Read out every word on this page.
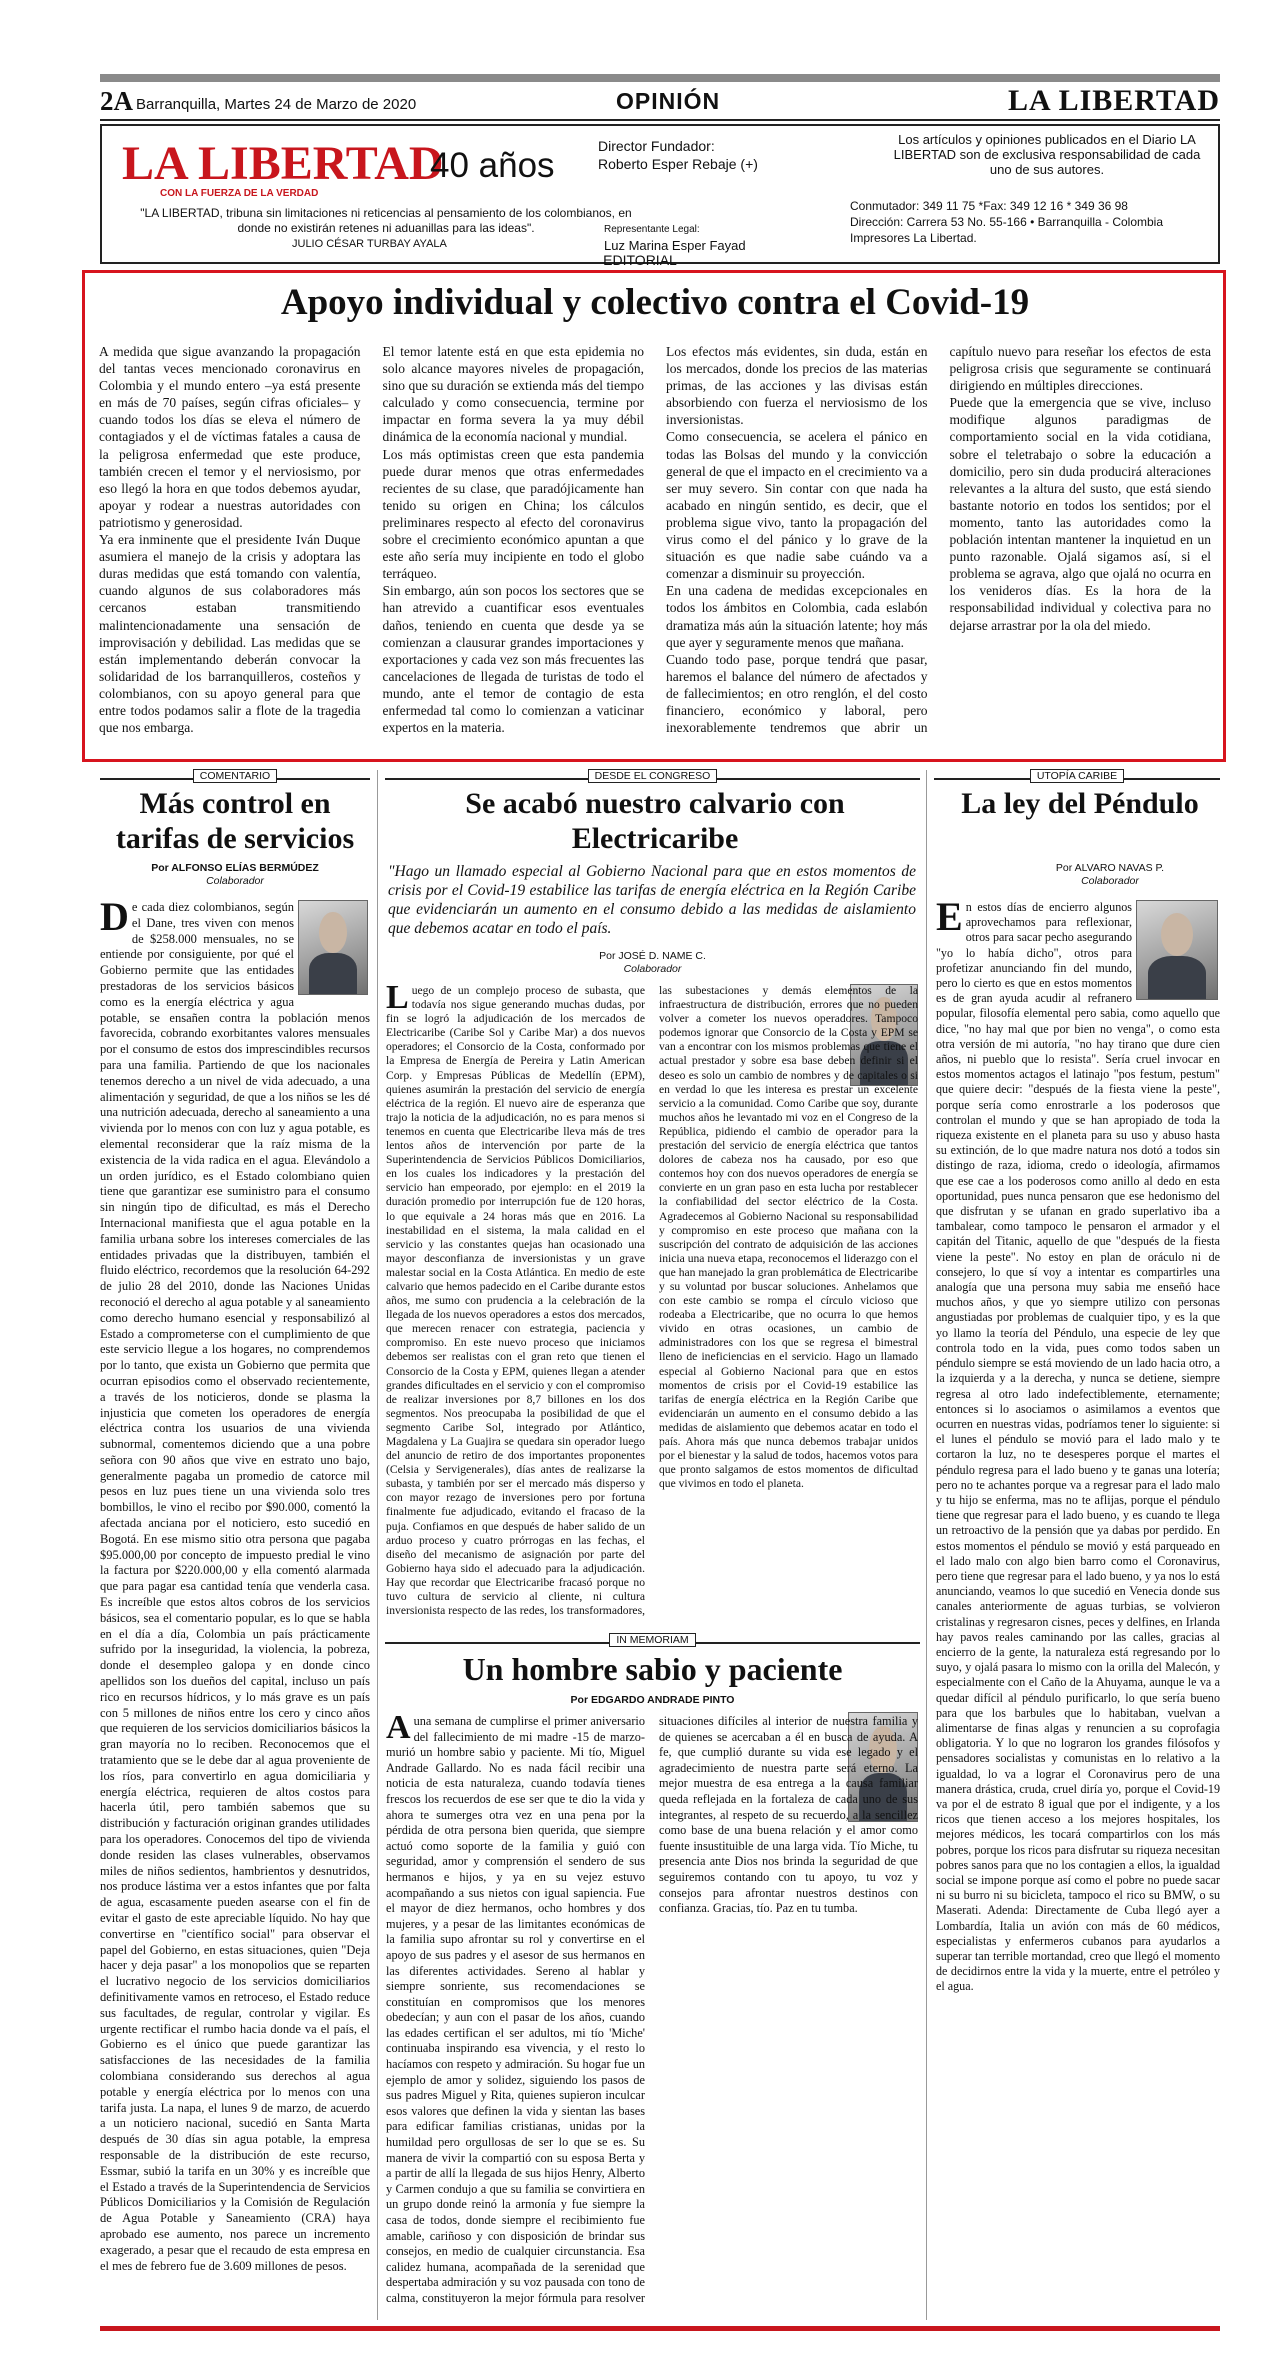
2A Barranquilla, Martes 24 de Marzo de 2020	OPINIÓN	LA LIBERTAD
LA LIBERTAD
40 años
CON LA FUERZA DE LA VERDAD
"LA LIBERTAD, tribuna sin limitaciones ni reticencias al pensamiento de los colombianos, en donde no existirán retenes ni aduanillas para las ideas".
JULIO CÉSAR TURBAY AYALA
Director Fundador:
Roberto Esper Rebaje (+)
Representante Legal:
Luz Marina Esper Fayad
Los artículos y opiniones publicados en el Diario LA LIBERTAD son de exclusiva responsabilidad de cada uno de sus autores.
Conmutador: 349 11 75 *Fax: 349 12 16 * 349 36 98
Dirección: Carrera 53 No. 55-166 • Barranquilla - Colombia
Impresores La Libertad.
EDITORIAL
Apoyo individual y colectivo contra el Covid-19

A medida que sigue avanzando la propagación del tantas veces mencionado coronavirus en Colombia y el mundo entero –ya está presente en más de 70 países, según cifras oficiales– y cuando todos los días se eleva el número de contagiados y el de víctimas fatales a causa de la peligrosa enfermedad que este produce, también crecen el temor y el nerviosismo, por eso llegó la hora en que todos debemos ayudar, apoyar y rodear a nuestras autoridades con patriotismo y generosidad.

Ya era inminente que el presidente Iván Duque asumiera el manejo de la crisis y adoptara las duras medidas que está tomando con valentía, cuando algunos de sus colaboradores más cercanos estaban transmitiendo malintencionadamente una sensación de improvisación y debilidad. Las medidas que se están implementando deberán convocar la solidaridad de los barranquilleros, costeños y colombianos, con su apoyo general para que entre todos podamos salir a flote de la tragedia que nos embarga.

El temor latente está en que esta epidemia no solo alcance mayores niveles de propagación, sino que su duración se extienda más del tiempo calculado y como consecuencia, termine por impactar en forma severa la ya muy débil dinámica de la economía nacional y mundial.

Los más optimistas creen que esta pandemia puede durar menos que otras enfermedades recientes de su clase, que paradójicamente han tenido su origen en China; los cálculos preliminares respecto al efecto del coronavirus sobre el crecimiento económico apuntan a que este año sería muy incipiente en todo el globo terráqueo.

Sin embargo, aún son pocos los sectores que se han atrevido a cuantificar esos eventuales daños, teniendo en cuenta que desde ya se comienzan a clausurar grandes importaciones y exportaciones y cada vez son más frecuentes las cancelaciones de llegada de turistas de todo el mundo, ante el temor de contagio de esta enfermedad tal como lo comienzan a vaticinar expertos en la materia.

Los efectos más evidentes, sin duda, están en los mercados, donde los precios de las materias primas, de las acciones y las divisas están absorbiendo con fuerza el nerviosismo de los inversionistas.

Como consecuencia, se acelera el pánico en todas las Bolsas del mundo y la convicción general de que el impacto en el crecimiento va a ser muy severo. Sin contar con que nada ha acabado en ningún sentido, es decir, que el problema sigue vivo, tanto la propagación del virus como el del pánico y lo grave de la situación es que nadie sabe cuándo va a comenzar a disminuir su proyección.

En una cadena de medidas excepcionales en todos los ámbitos en Colombia, cada eslabón dramatiza más aún la situación latente; hoy más que ayer y seguramente menos que mañana.

Cuando todo pase, porque tendrá que pasar, haremos el balance del número de afectados y de fallecimientos; en otro renglón, el del costo financiero, económico y laboral, pero inexorablemente tendremos que abrir un capítulo nuevo para reseñar los efectos de esta peligrosa crisis que seguramente se continuará dirigiendo en múltiples direcciones.

Puede que la emergencia que se vive, incluso modifique algunos paradigmas de comportamiento social en la vida cotidiana, sobre el teletrabajo o sobre la educación a domicilio, pero sin duda producirá alteraciones relevantes a la altura del susto, que está siendo bastante notorio en todos los sentidos; por el momento, tanto las autoridades como la población intentan mantener la inquietud en un punto razonable. Ojalá sigamos así, si el problema se agrava, algo que ojalá no ocurra en los venideros días. Es la hora de la responsabilidad individual y colectiva para no dejarse arrastrar por la ola del miedo.

COMENTARIO
Más control en tarifas de servicios
Por ALFONSO ELÍAS BERMÚDEZ
Colaborador
De cada diez colombianos, según el Dane, tres viven con menos de $258.000 mensuales, no se entiende por consiguiente, por qué el Gobierno permite que las entidades prestadoras de los servicios básicos como es la energía eléctrica y agua potable, se ensañen contra la población menos favorecida, cobrando exorbitantes valores mensuales por el consumo de estos dos imprescindibles recursos para una familia. Partiendo de que los nacionales tenemos derecho a un nivel de vida adecuado, a una alimentación y seguridad, de que a los niños se les dé una nutrición adecuada, derecho al saneamiento a una vivienda por lo menos con con luz y agua potable, es elemental reconsiderar que la raíz misma de la existencia de la vida radica en el agua. Elevándolo a un orden jurídico, es el Estado colombiano quien tiene que garantizar ese suministro para el consumo sin ningún tipo de dificultad, es más el Derecho Internacional manifiesta que el agua potable en la familia urbana sobre los intereses comerciales de las entidades privadas que la distribuyen, también el fluido eléctrico, recordemos que la resolución 64-292 de julio 28 del 2010, donde las Naciones Unidas reconoció el derecho al agua potable y al saneamiento como derecho humano esencial y responsabilizó al Estado a comprometerse con el cumplimiento de que este servicio llegue a los hogares, no comprendemos por lo tanto, que exista un Gobierno que permita que ocurran episodios como el observado recientemente, a través de los noticieros, donde se plasma la injusticia que cometen los operadores de energía eléctrica contra los usuarios de una vivienda subnormal, comentemos diciendo que a una pobre señora con 90 años que vive en estrato uno bajo, generalmente pagaba un promedio de catorce mil pesos en luz pues tiene un una vivienda solo tres bombillos, le vino el recibo por $90.000, comentó la afectada anciana por el noticiero, esto sucedió en Bogotá. En ese mismo sitio otra persona que pagaba $95.000,00 por concepto de impuesto predial le vino la factura por $220.000,00 y ella comentó alarmada que para pagar esa cantidad tenía que venderla casa. Es increíble que estos altos cobros de los servicios básicos, sea el comentario popular, es lo que se habla en el día a día, Colombia un país prácticamente sufrido por la inseguridad, la violencia, la pobreza, donde el desempleo galopa y en donde cinco apellidos son los dueños del capital, incluso un país rico en recursos hídricos, y lo más grave es un país con 5 millones de niños entre los cero y cinco años que requieren de los servicios domiciliarios básicos la gran mayoría no lo reciben. Reconocemos que el tratamiento que se le debe dar al agua proveniente de los ríos, para convertirlo en agua domiciliaria y energía eléctrica, requieren de altos costos para hacerla útil, pero también sabemos que su distribución y facturación originan grandes utilidades para los operadores. Conocemos del tipo de vivienda donde residen las clases vulnerables, observamos miles de niños sedientos, hambrientos y desnutridos, nos produce lástima ver a estos infantes que por falta de agua, escasamente pueden asearse con el fin de evitar el gasto de este apreciable líquido. No hay que convertirse en "científico social" para observar el papel del Gobierno, en estas situaciones, quien "Deja hacer y deja pasar" a los monopolios que se reparten el lucrativo negocio de los servicios domiciliarios definitivamente vamos en retroceso, el Estado reduce sus facultades, de regular, controlar y vigilar. Es urgente rectificar el rumbo hacia donde va el país, el Gobierno es el único que puede garantizar las satisfacciones de las necesidades de la familia colombiana considerando sus derechos al agua potable y energía eléctrica por lo menos con una tarifa justa. La napa, el lunes 9 de marzo, de acuerdo a un noticiero nacional, sucedió en Santa Marta después de 30 días sin agua potable, la empresa responsable de la distribución de este recurso, Essmar, subió la tarifa en un 30% y es increíble que el Estado a través de la Superintendencia de Servicios Públicos Domiciliarios y la Comisión de Regulación de Agua Potable y Saneamiento (CRA) haya aprobado ese aumento, nos parece un incremento exagerado, a pesar que el recaudo de esta empresa en el mes de febrero fue de 3.609 millones de pesos.
DESDE EL CONGRESO
Se acabó nuestro calvario con Electricaribe
"Hago un llamado especial al Gobierno Nacional para que en estos momentos de crisis por el Covid-19 estabilice las tarifas de energía eléctrica en la Región Caribe que evidenciarán un aumento en el consumo debido a las medidas de aislamiento que debemos acatar en todo el país.
Por JOSÉ D. NAME C.
Colaborador
Luego de un complejo proceso de subasta, que todavía nos sigue generando muchas dudas, por fin se logró la adjudicación de los mercados de Electricaribe (Caribe Sol y Caribe Mar) a dos nuevos operadores; el Consorcio de la Costa, conformado por la Empresa de Energía de Pereira y Latin American Corp. y Empresas Públicas de Medellín (EPM), quienes asumirán la prestación del servicio de energía eléctrica de la región. El nuevo aire de esperanza que trajo la noticia de la adjudicación, no es para menos si tenemos en cuenta que Electricaribe lleva más de tres lentos años de intervención por parte de la Superintendencia de Servicios Públicos Domiciliarios, en los cuales los indicadores y la prestación del servicio han empeorado, por ejemplo: en el 2019 la duración promedio por interrupción fue de 120 horas, lo que equivale a 24 horas más que en 2016. La inestabilidad en el sistema, la mala calidad en el servicio y las constantes quejas han ocasionado una mayor desconfianza de inversionistas y un grave malestar social en la Costa Atlántica. En medio de este calvario que hemos padecido en el Caribe durante estos años, me sumo con prudencia a la celebración de la llegada de los nuevos operadores a estos dos mercados, que merecen renacer con estrategia, paciencia y compromiso. En este nuevo proceso que iniciamos debemos ser realistas con el gran reto que tienen el Consorcio de la Costa y EPM, quienes llegan a atender grandes dificultades en el servicio y con el compromiso de realizar inversiones por 8,7 billones en los dos segmentos. Nos preocupaba la posibilidad de que el segmento Caribe Sol, integrado por Atlántico, Magdalena y La Guajira se quedara sin operador luego del anuncio de retiro de dos importantes proponentes (Celsia y Servigenerales), días antes de realizarse la subasta, y también por ser el mercado más disperso y con mayor rezago de inversiones pero por fortuna finalmente fue adjudicado, evitando el fracaso de la puja. Confiamos en que después de haber salido de un arduo proceso y cuatro prórrogas en las fechas, el diseño del mecanismo de asignación por parte del Gobierno haya sido el adecuado para la adjudicación. Hay que recordar que Electricaribe fracasó porque no tuvo cultura de servicio al cliente, ni cultura inversionista respecto de las redes, los transformadores, las subestaciones y demás elementos de la infraestructura de distribución, errores que no pueden volver a cometer los nuevos operadores. Tampoco podemos ignorar que Consorcio de la Costa y EPM se van a encontrar con los mismos problemas que tiene el actual prestador y sobre esa base deben definir si el deseo es solo un cambio de nombres y de capitales o si en verdad lo que les interesa es prestar un excelente servicio a la comunidad. Como Caribe que soy, durante muchos años he levantado mi voz en el Congreso de la República, pidiendo el cambio de operador para la prestación del servicio de energía eléctrica que tantos dolores de cabeza nos ha causado, por eso que contemos hoy con dos nuevos operadores de energía se convierte en un gran paso en esta lucha por restablecer la confiabilidad del sector eléctrico de la Costa. Agradecemos al Gobierno Nacional su responsabilidad y compromiso en este proceso que mañana con la suscripción del contrato de adquisición de las acciones inicia una nueva etapa, reconocemos el liderazgo con el que han manejado la gran problemática de Electricaribe y su voluntad por buscar soluciones. Anhelamos que con este cambio se rompa el círculo vicioso que rodeaba a Electricaribe, que no ocurra lo que hemos vivido en otras ocasiones, un cambio de administradores con los que se regresa el bimestral lleno de ineficiencias en el servicio. Hago un llamado especial al Gobierno Nacional para que en estos momentos de crisis por el Covid-19 estabilice las tarifas de energía eléctrica en la Región Caribe que evidenciarán un aumento en el consumo debido a las medidas de aislamiento que debemos acatar en todo el país. Ahora más que nunca debemos trabajar unidos por el bienestar y la salud de todos, hacemos votos para que pronto salgamos de estos momentos de dificultad que vivimos en todo el planeta.
IN MEMORIAM
Un hombre sabio y paciente
Por EDGARDO ANDRADE PINTO
A una semana de cumplirse el primer aniversario del fallecimiento de mi madre -15 de marzo- murió un hombre sabio y paciente. Mi tío, Miguel Andrade Gallardo. No es nada fácil recibir una noticia de esta naturaleza, cuando todavía tienes frescos los recuerdos de ese ser que te dio la vida y ahora te sumerges otra vez en una pena por la pérdida de otra persona bien querida, que siempre actuó como soporte de la familia y guió con seguridad, amor y comprensión el sendero de sus hermanos e hijos, y ya en su vejez estuvo acompañando a sus nietos con igual sapiencia. Fue el mayor de diez hermanos, ocho hombres y dos mujeres, y a pesar de las limitantes económicas de la familia supo afrontar su rol y convertirse en el apoyo de sus padres y el asesor de sus hermanos en las diferentes actividades. Sereno al hablar y siempre sonriente, sus recomendaciones se constituían en compromisos que los menores obedecían; y aun con el pasar de los años, cuando las edades certifican el ser adultos, mi tío 'Miche' continuaba inspirando esa vivencia, y el resto lo hacíamos con respeto y admiración. Su hogar fue un ejemplo de amor y solidez, siguiendo los pasos de sus padres Miguel y Rita, quienes supieron inculcar esos valores que definen la vida y sientan las bases para edificar familias cristianas, unidas por la humildad pero orgullosas de ser lo que se es. Su manera de vivir la compartió con su esposa Berta y a partir de allí la llegada de sus hijos Henry, Alberto y Carmen condujo a que su familia se convirtiera en un grupo donde reinó la armonía y fue siempre la casa de todos, donde siempre el recibimiento fue amable, cariñoso y con disposición de brindar sus consejos, en medio de cualquier circunstancia. Esa calidez humana, acompañada de la serenidad que despertaba admiración y su voz pausada con tono de calma, constituyeron la mejor fórmula para resolver situaciones difíciles al interior de nuestra familia y de quienes se acercaban a él en busca de ayuda. A fe, que cumplió durante su vida ese legado y el agradecimiento de nuestra parte será eterno. La mejor muestra de esa entrega a la causa familiar queda reflejada en la fortaleza de cada uno de sus integrantes, al respeto de su recuerdo, a la sencillez como base de una buena relación y el amor como fuente insustituible de una larga vida. Tío Miche, tu presencia ante Dios nos brinda la seguridad de que seguiremos contando con tu apoyo, tu voz y consejos para afrontar nuestros destinos con confianza. Gracias, tío. Paz en tu tumba.
UTOPÍA CARIBE
La ley del Péndulo
Por ALVARO NAVAS P.
Colaborador
En estos días de encierro algunos aprovechamos para reflexionar, otros para sacar pecho asegurando "yo lo había dicho", otros para profetizar anunciando fin del mundo, pero lo cierto es que en estos momentos es de gran ayuda acudir al refranero popular, filosofía elemental pero sabia, como aquello que dice, "no hay mal que por bien no venga", o como esta otra versión de mi autoría, "no hay tirano que dure cien años, ni pueblo que lo resista". Sería cruel invocar en estos momentos actagos el latinajo "pos festum, pestum" que quiere decir: "después de la fiesta viene la peste", porque sería como enrostrarle a los poderosos que controlan el mundo y que se han apropiado de toda la riqueza existente en el planeta para su uso y abuso hasta su extinción, de lo que madre natura nos dotó a todos sin distingo de raza, idioma, credo o ideología, afirmamos que ese cae a los poderosos como anillo al dedo en esta oportunidad, pues nunca pensaron que ese hedonismo del que disfrutan y se ufanan en grado superlativo iba a tambalear, como tampoco le pensaron el armador y el capitán del Titanic, aquello de que "después de la fiesta viene la peste". No estoy en plan de oráculo ni de consejero, lo que sí voy a intentar es compartirles una analogía que una persona muy sabia me enseñó hace muchos años, y que yo siempre utilizo con personas angustiadas por problemas de cualquier tipo, y es la que yo llamo la teoría del Péndulo, una especie de ley que controla todo en la vida, pues como todos saben un péndulo siempre se está moviendo de un lado hacia otro, a la izquierda y a la derecha, y nunca se detiene, siempre regresa al otro lado indefectiblemente, eternamente; entonces si lo asociamos o asimilamos a eventos que ocurren en nuestras vidas, podríamos tener lo siguiente: si el lunes el péndulo se movió para el lado malo y te cortaron la luz, no te desesperes porque el martes el péndulo regresa para el lado bueno y te ganas una lotería; pero no te achantes porque va a regresar para el lado malo y tu hijo se enferma, mas no te aflijas, porque el péndulo tiene que regresar para el lado bueno, y es cuando te llega un retroactivo de la pensión que ya dabas por perdido. En estos momentos el péndulo se movió y está parqueado en el lado malo con algo bien barro como el Coronavirus, pero tiene que regresar para el lado bueno, y ya nos lo está anunciando, veamos lo que sucedió en Venecia donde sus canales anteriormente de aguas turbias, se volvieron cristalinas y regresaron cisnes, peces y delfines, en Irlanda hay pavos reales caminando por las calles, gracias al encierro de la gente, la naturaleza está regresando por lo suyo, y ojalá pasara lo mismo con la orilla del Malecón, y especialmente con el Caño de la Ahuyama, aunque le va a quedar difícil al péndulo purificarlo, lo que sería bueno para que los barbules que lo habitaban, vuelvan a alimentarse de finas algas y renuncien a su coprofagia obligatoria. Y lo que no lograron los grandes filósofos y pensadores socialistas y comunistas en lo relativo a la igualdad, lo va a lograr el Coronavirus pero de una manera drástica, cruda, cruel diría yo, porque el Covid-19 va por el de estrato 8 igual que por el indigente, y a los ricos que tienen acceso a los mejores hospitales, los mejores médicos, les tocará compartirlos con los más pobres, porque los ricos para disfrutar su riqueza necesitan pobres sanos para que no los contagien a ellos, la igualdad social se impone porque así como el pobre no puede sacar ni su burro ni su bicicleta, tampoco el rico su BMW, o su Maserati. Adenda: Directamente de Cuba llegó ayer a Lombardía, Italia un avión con más de 60 médicos, especialistas y enfermeros cubanos para ayudarlos a superar tan terrible mortandad, creo que llegó el momento de decidirnos entre la vida y la muerte, entre el petróleo y el agua.
